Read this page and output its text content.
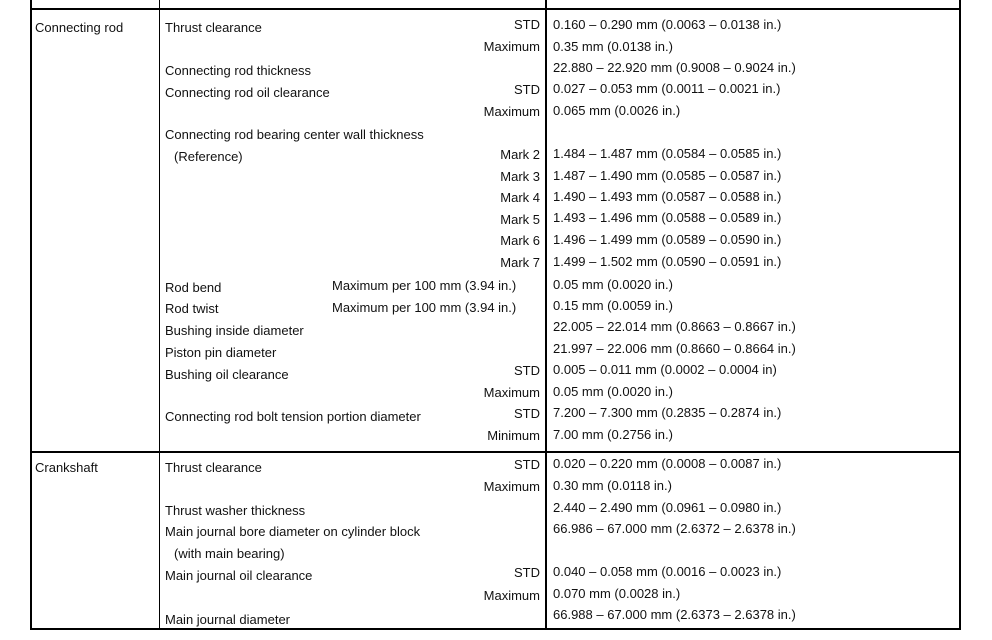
Connecting rod	Thrust clearance	STD 0.160 – 0.290 mm (0.0063 – 0.0138 in.)
Maximum 0.35 mm (0.0138 in.)
Connecting rod thickness	22.880 – 22.920 mm (0.9008 – 0.9024 in.)
Connecting rod oil clearance	STD 0.027 – 0.053 mm (0.0011 – 0.0021 in.)
Maximum 0.065 mm (0.0026 in.)
Connecting rod bearing center wall thickness
(Reference)	Mark 2 1.484 – 1.487 mm (0.0584 – 0.0585 in.)
Mark 3 1.487 – 1.490 mm (0.0585 – 0.0587 in.)
Mark 4 1.490 – 1.493 mm (0.0587 – 0.0588 in.)
Mark 5 1.493 – 1.496 mm (0.0588 – 0.0589 in.)
Mark 6 1.496 – 1.499 mm (0.0589 – 0.0590 in.)
Mark 7 1.499 – 1.502 mm (0.0590 – 0.0591 in.)
Rod bend	Maximum per 100 mm (3.94 in.)	0.05 mm (0.0020 in.)
Rod twist	Maximum per 100 mm (3.94 in.)	0.15 mm (0.0059 in.)
Bushing inside diameter	22.005 – 22.014 mm (0.8663 – 0.8667 in.)
Piston pin diameter	21.997 – 22.006 mm (0.8660 – 0.8664 in.)
Bushing oil clearance	STD 0.005 – 0.011 mm (0.0002 – 0.0004 in)
Maximum 0.05 mm (0.0020 in.)
Connecting rod bolt tension portion diameter	STD 7.200 – 7.300 mm (0.2835 – 0.2874 in.)
Minimum 7.00 mm (0.2756 in.)
Crankshaft	Thrust clearance	STD 0.020 – 0.220 mm (0.0008 – 0.0087 in.)
Maximum 0.30 mm (0.0118 in.)
Thrust washer thickness	2.440 – 2.490 mm (0.0961 – 0.0980 in.)
Main journal bore diameter on cylinder block
(with main bearing)
66.986 – 67.000 mm (2.6372 – 2.6378 in.)
Main journal oil clearance	STD 0.040 – 0.058 mm (0.0016 – 0.0023 in.)
Maximum 0.070 mm (0.0028 in.)
Main journal diameter	66.988 – 67.000 mm (2.6373 – 2.6378 in.)
